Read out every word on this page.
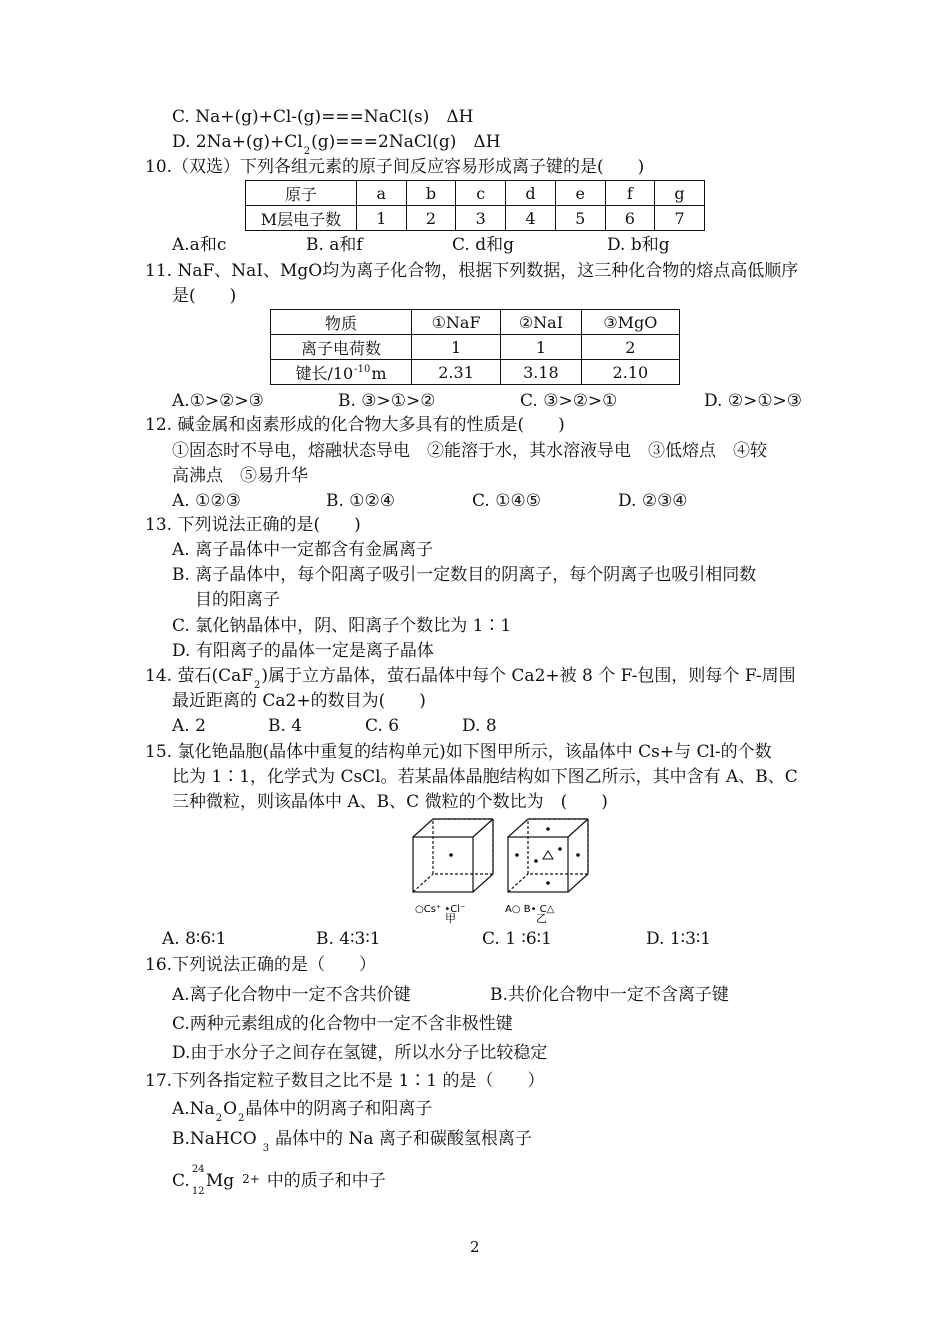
C. Na+(g)+Cl-(g)===NaCl(s)　ΔH
D. $2Na+(g)+Cl_2(g)===2NaCl(g)$　ΔH
10.（双选）下列各组元素的原子间反应容易形成离子键的是(　　)
原子	a	b	c	d	e	f	g
M层电子数	1	2	3	4	5	6	7
A.a和c	B. a和f	C. d和g	D. b和g
11. NaF、NaI、MgO均为离子化合物，根据下列数据，这三种化合物的熔点高低顺序
是(　　)
物质	①NaF	②NaI	③MgO
离子电荷数	1	1	2
键长$/10^{-10}m$	2.31	3.18	2.10
A.①>②>③	B. ③>①>②	C. ③>②>①	D. ②>①>③
12. 碱金属和卤素形成的化合物大多具有的性质是(　　)
①固态时不导电，熔融状态导电　②能溶于水，其水溶液导电　③低熔点　④较
高沸点　⑤易升华
A. ①②③	B. ①②④	C. ①④⑤	D. ②③④
13. 下列说法正确的是(　　)
A. 离子晶体中一定都含有金属离子
B. 离子晶体中，每个阳离子吸引一定数目的阴离子，每个阴离子也吸引相同数
目的阳离子
C. 氯化钠晶体中，阴、阳离子个数比为 1∶1
D. 有阳离子的晶体一定是离子晶体
14. 萤石(CaF$_2$)属于立方晶体，萤石晶体中每个 Ca2+被 8 个 F-包围，则每个 F-周围
最近距离的 Ca2+的数目为(　　)
A. 2	B. 4	C. 6	D. 8
15. 氯化铯晶胞(晶体中重复的结构单元)如下图甲所示，该晶体中 Cs+与 Cl-的个数
比为 1∶1，化学式为 CsCl。若某晶体晶胞结构如下图乙所示，其中含有 A、B、C
三种微粒，则该晶体中 A、B、C 微粒的个数比为　(　　)
○Cs⁺ •Cl⁻
甲
A○ B• C△
乙
A. 8∶6∶1	B. 4∶3∶1	C. 1 ∶6∶1	D. 1∶3∶1
16.下列说法正确的是（　　）
A.离子化合物中一定不含共价键	B.共价化合物中一定不含离子键
C.两种元素组成的化合物中一定不含非极性键
D.由于水分子之间存在氢键，所以水分子比较稳定
17.下列各指定粒子数目之比不是 1∶1 的是（　　）
$A.Na_2O_2$晶体中的阴离子和阳离子
B.NaHCO $_3$ 晶体中的 Na 离子和碳酸氢根离子
C.
24
12
Mg 2+ 中的质子和中子
2
